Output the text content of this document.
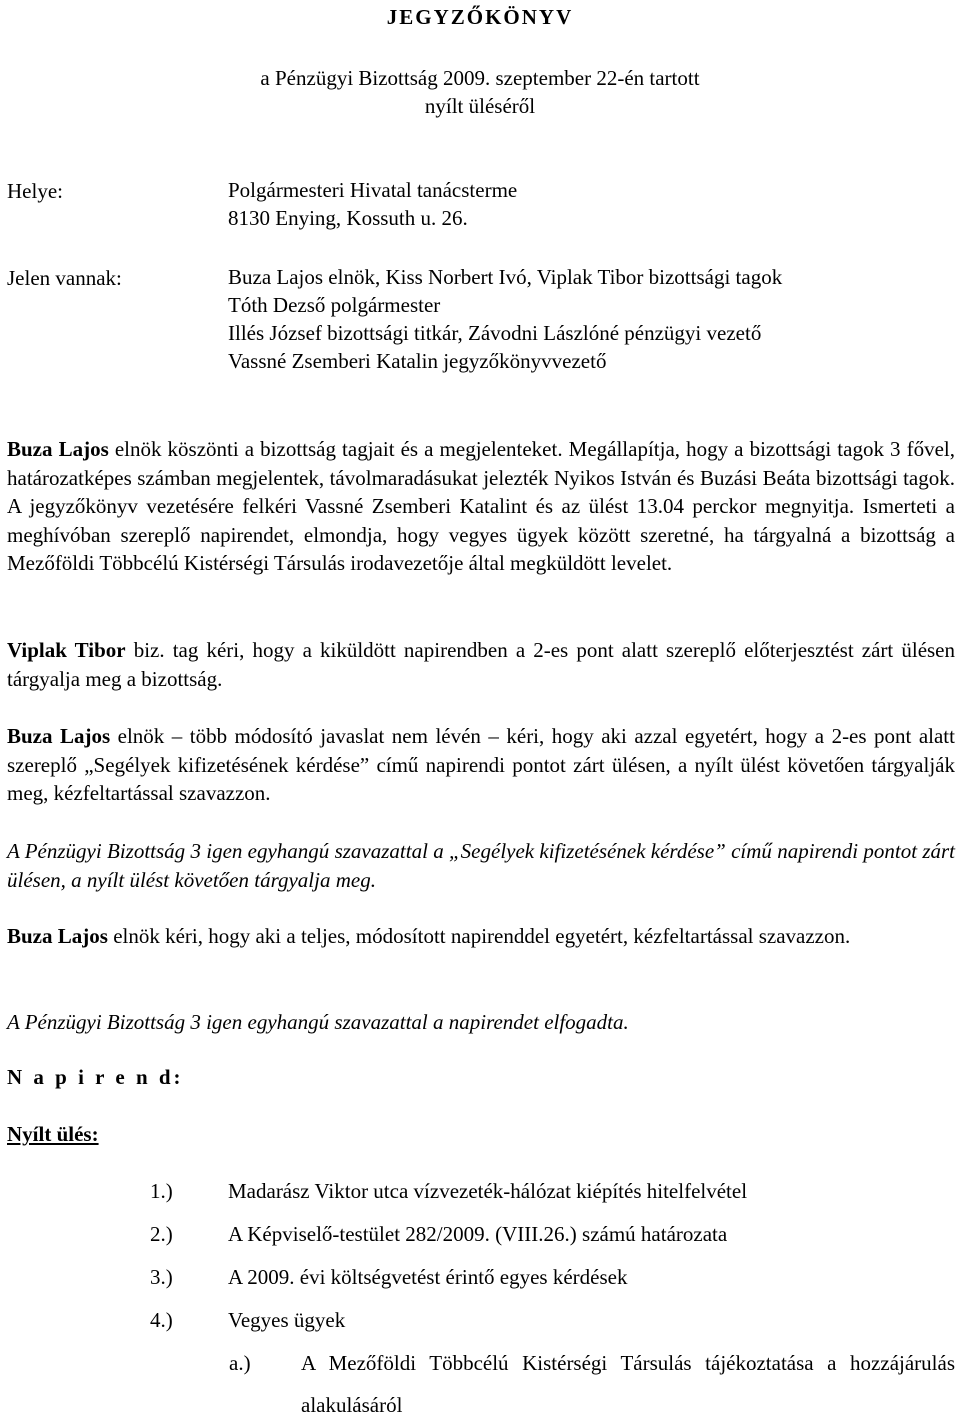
JEGYZŐKÖNYV
a Pénzügyi Bizottság 2009. szeptember 22-én tartott
nyílt üléséről
Helye:	Polgármesteri Hivatal tanácsterme
8130 Enying, Kossuth u. 26.
Jelen vannak:	Buza Lajos elnök, Kiss Norbert Ivó, Viplak Tibor bizottsági tagok
Tóth Dezső polgármester
Illés József bizottsági titkár, Závodni Lászlóné pénzügyi vezető
Vassné Zsemberi Katalin jegyzőkönyvvezető

Buza Lajos elnök köszönti a bizottság tagjait és a megjelenteket. Megállapítja, hogy a bizottsági tagok 3 fővel, határozatképes számban megjelentek, távolmaradásukat jelezték Nyikos István és Buzási Beáta bizottsági tagok. A jegyzőkönyv vezetésére felkéri Vassné Zsemberi Katalint és az ülést 13.04 perckor megnyitja. Ismerteti a meghívóban szereplő napirendet, elmondja, hogy vegyes ügyek között szeretné, ha tárgyalná a bizottság a Mezőföldi Többcélú Kistérségi Társulás irodavezetője által megküldött levelet.

Viplak Tibor biz. tag kéri, hogy a kiküldött napirendben a 2-es pont alatt szereplő előterjesztést zárt ülésen tárgyalja meg a bizottság.

Buza Lajos elnök – több módosító javaslat nem lévén – kéri, hogy aki azzal egyetért, hogy a 2-es pont alatt szereplő „Segélyek kifizetésének kérdése” című napirendi pontot zárt ülésen, a nyílt ülést követően tárgyalják meg, kézfeltartással szavazzon.

A Pénzügyi Bizottság 3 igen egyhangú szavazattal a „Segélyek kifizetésének kérdése” című napirendi pontot zárt ülésen, a nyílt ülést követően tárgyalja meg.

Buza Lajos elnök kéri, hogy aki a teljes, módosított napirenddel egyetért, kézfeltartással szavazzon.

A Pénzügyi Bizottság 3 igen egyhangú szavazattal a napirendet elfogadta.

N a p i r e n d:
Nyílt ülés:
1.)	Madarász Viktor utca vízvezeték-hálózat kiépítés hitelfelvétel
2.)	A Képviselő-testület 282/2009. (VIII.26.) számú határozata
3.)	A 2009. évi költségvetést érintő egyes kérdések
4.)	Vegyes ügyek
a.) A Mezőföldi Többcélú Kistérségi Társulás tájékoztatása a hozzájárulás alakulásáról
